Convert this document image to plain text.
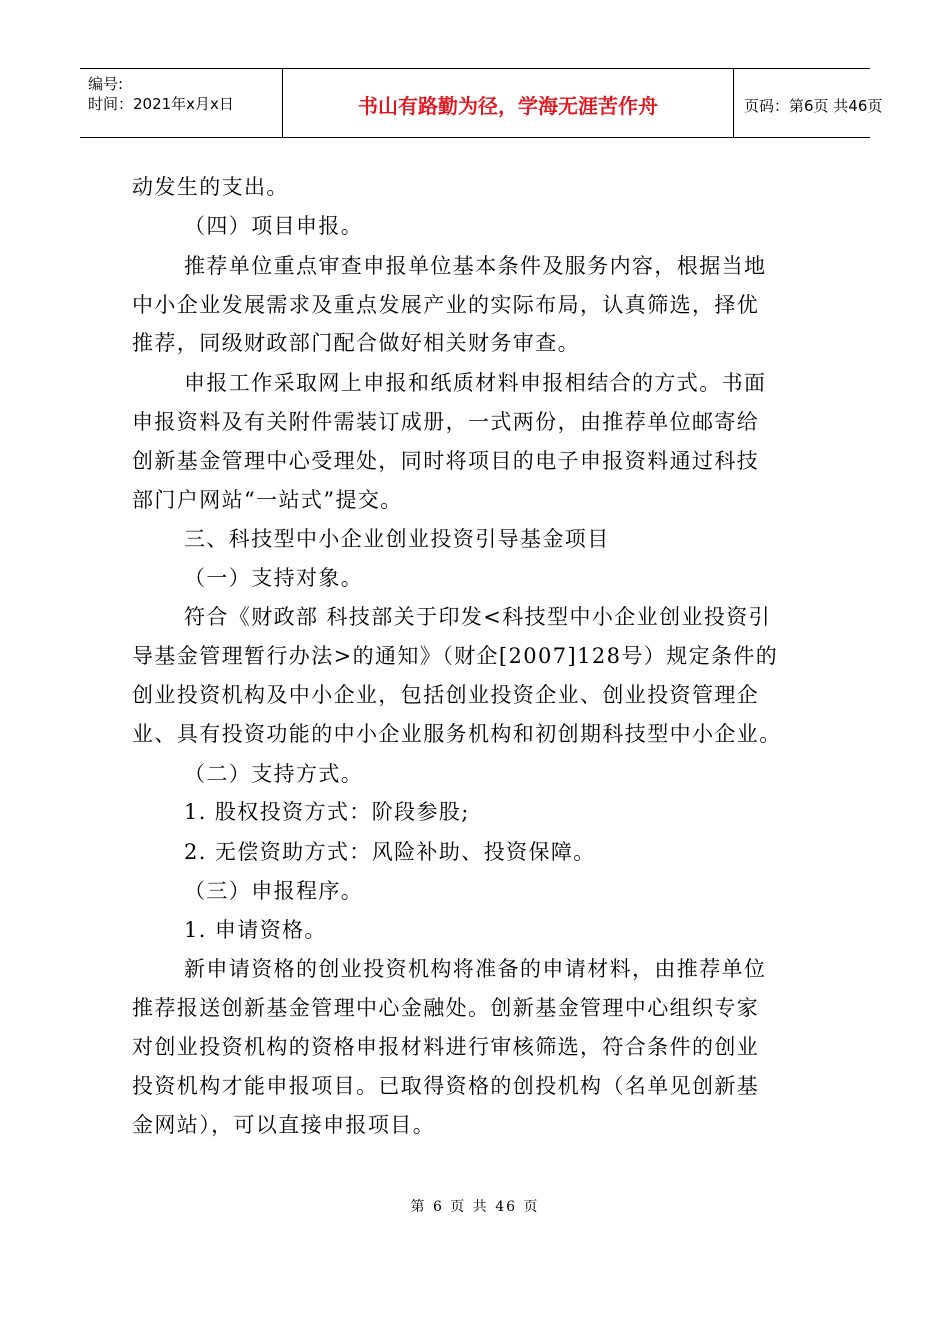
编号:
时间：2021年x月x日	书山有路勤为径，学海无涯苦作舟	页码：第6页 共46页
动发生的支出。
（四）项目申报。
推荐单位重点审查申报单位基本条件及服务内容，根据当地
中小企业发展需求及重点发展产业的实际布局，认真筛选，择优
推荐，同级财政部门配合做好相关财务审查。
申报工作采取网上申报和纸质材料申报相结合的方式。书面
申报资料及有关附件需装订成册，一式两份，由推荐单位邮寄给
创新基金管理中心受理处，同时将项目的电子申报资料通过科技
部门户网站“一站式”提交。
三、科技型中小企业创业投资引导基金项目
（一）支持对象。
符合《财政部 科技部关于印发<科技型中小企业创业投资引
导基金管理暂行办法>的通知》（财企[2007]128号）规定条件的
创业投资机构及中小企业，包括创业投资企业、创业投资管理企
业、具有投资功能的中小企业服务机构和初创期科技型中小企业。
（二）支持方式。
1. 股权投资方式：阶段参股;
2. 无偿资助方式：风险补助、投资保障。
（三）申报程序。
1. 申请资格。
新申请资格的创业投资机构将准备的申请材料，由推荐单位
推荐报送创新基金管理中心金融处。创新基金管理中心组织专家
对创业投资机构的资格申报材料进行审核筛选，符合条件的创业
投资机构才能申报项目。已取得资格的创投机构（名单见创新基
金网站），可以直接申报项目。
第 6 页 共 46 页
